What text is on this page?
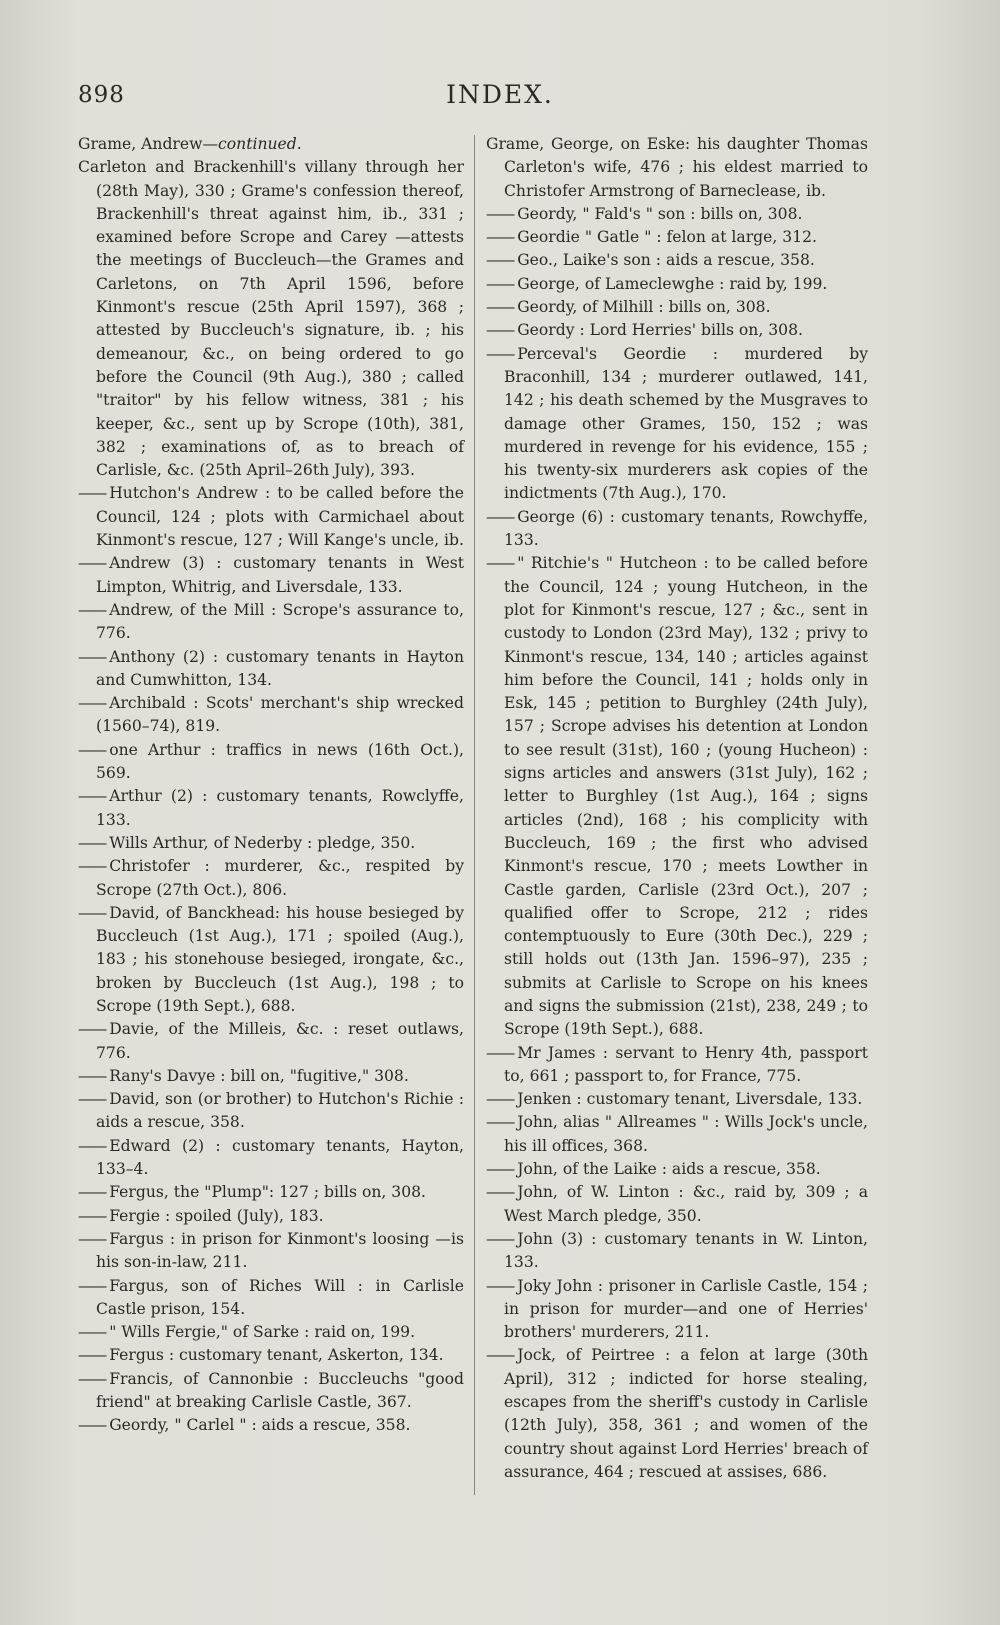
898	INDEX.

Grame, Andrew—continued.

Carleton and Brackenhill's villany through her (28th May), 330 ; Grame's confession thereof, Brackenhill's threat against him, ib., 331 ; examined before Scrope and Carey —attests the meetings of Buccleuch—the Grames and Carletons, on 7th April 1596, before Kinmont's rescue (25th April 1597), 368 ; attested by Buccleuch's signature, ib. ; his demeanour, &c., on being ordered to go before the Council (9th Aug.), 380 ; called "traitor" by his fellow witness, 381 ; his keeper, &c., sent up by Scrope (10th), 381, 382 ; examinations of, as to breach of Carlisle, &c. (25th April–26th July), 393.

—— Hutchon's Andrew : to be called before the Council, 124 ; plots with Carmichael about Kinmont's rescue, 127 ; Will Kange's uncle, ib.

—— Andrew (3) : customary tenants in West Limpton, Whitrig, and Liversdale, 133.

—— Andrew, of the Mill : Scrope's assurance to, 776.

—— Anthony (2) : customary tenants in Hayton and Cumwhitton, 134.

—— Archibald : Scots' merchant's ship wrecked (1560–74), 819.

—— one Arthur : traffics in news (16th Oct.), 569.

—— Arthur (2) : customary tenants, Rowclyffe, 133.

—— Wills Arthur, of Nederby : pledge, 350.

—— Christofer : murderer, &c., respited by Scrope (27th Oct.), 806.

—— David, of Banckhead: his house besieged by Buccleuch (1st Aug.), 171 ; spoiled (Aug.), 183 ; his stonehouse besieged, irongate, &c., broken by Buccleuch (1st Aug.), 198 ; to Scrope (19th Sept.), 688.

—— Davie, of the Milleis, &c. : reset outlaws, 776.

—— Rany's Davye : bill on, "fugitive," 308.

—— David, son (or brother) to Hutchon's Richie : aids a rescue, 358.

—— Edward (2) : customary tenants, Hayton, 133–4.

—— Fergus, the "Plump": 127 ; bills on, 308.

—— Fergie : spoiled (July), 183.

—— Fargus : in prison for Kinmont's loosing —is his son-in-law, 211.

—— Fargus, son of Riches Will : in Carlisle Castle prison, 154.

—— " Wills Fergie," of Sarke : raid on, 199.

—— Fergus : customary tenant, Askerton, 134.

—— Francis, of Cannonbie : Buccleuchs "good friend" at breaking Carlisle Castle, 367.

—— Geordy, " Carlel " : aids a rescue, 358.

Grame, George, on Eske: his daughter Thomas Carleton's wife, 476 ; his eldest married to Christofer Armstrong of Barneclease, ib.

—— Geordy, " Fald's " son : bills on, 308.

—— Geordie " Gatle " : felon at large, 312.

—— Geo., Laike's son : aids a rescue, 358.

—— George, of Lameclewghe : raid by, 199.

—— Geordy, of Milhill : bills on, 308.

—— Geordy : Lord Herries' bills on, 308.

—— Perceval's Geordie : murdered by Braconhill, 134 ; murderer outlawed, 141, 142 ; his death schemed by the Musgraves to damage other Grames, 150, 152 ; was murdered in revenge for his evidence, 155 ; his twenty-six murderers ask copies of the indictments (7th Aug.), 170.

—— George (6) : customary tenants, Rowchyffe, 133.

—— " Ritchie's " Hutcheon : to be called before the Council, 124 ; young Hutcheon, in the plot for Kinmont's rescue, 127 ; &c., sent in custody to London (23rd May), 132 ; privy to Kinmont's rescue, 134, 140 ; articles against him before the Council, 141 ; holds only in Esk, 145 ; petition to Burghley (24th July), 157 ; Scrope advises his detention at London to see result (31st), 160 ; (young Hucheon) : signs articles and answers (31st July), 162 ; letter to Burghley (1st Aug.), 164 ; signs articles (2nd), 168 ; his complicity with Buccleuch, 169 ; the first who advised Kinmont's rescue, 170 ; meets Lowther in Castle garden, Carlisle (23rd Oct.), 207 ; qualified offer to Scrope, 212 ; rides contemptuously to Eure (30th Dec.), 229 ; still holds out (13th Jan. 1596–97), 235 ; submits at Carlisle to Scrope on his knees and signs the submission (21st), 238, 249 ; to Scrope (19th Sept.), 688.

—— Mr James : servant to Henry 4th, passport to, 661 ; passport to, for France, 775.

—— Jenken : customary tenant, Liversdale, 133.

—— John, alias " Allreames " : Wills Jock's uncle, his ill offices, 368.

—— John, of the Laike : aids a rescue, 358.

—— John, of W. Linton : &c., raid by, 309 ; a West March pledge, 350.

—— John (3) : customary tenants in W. Linton, 133.

—— Joky John : prisoner in Carlisle Castle, 154 ; in prison for murder—and one of Herries' brothers' murderers, 211.

—— Jock, of Peirtree : a felon at large (30th April), 312 ; indicted for horse stealing, escapes from the sheriff's custody in Carlisle (12th July), 358, 361 ; and women of the country shout against Lord Herries' breach of assurance, 464 ; rescued at assises, 686.
